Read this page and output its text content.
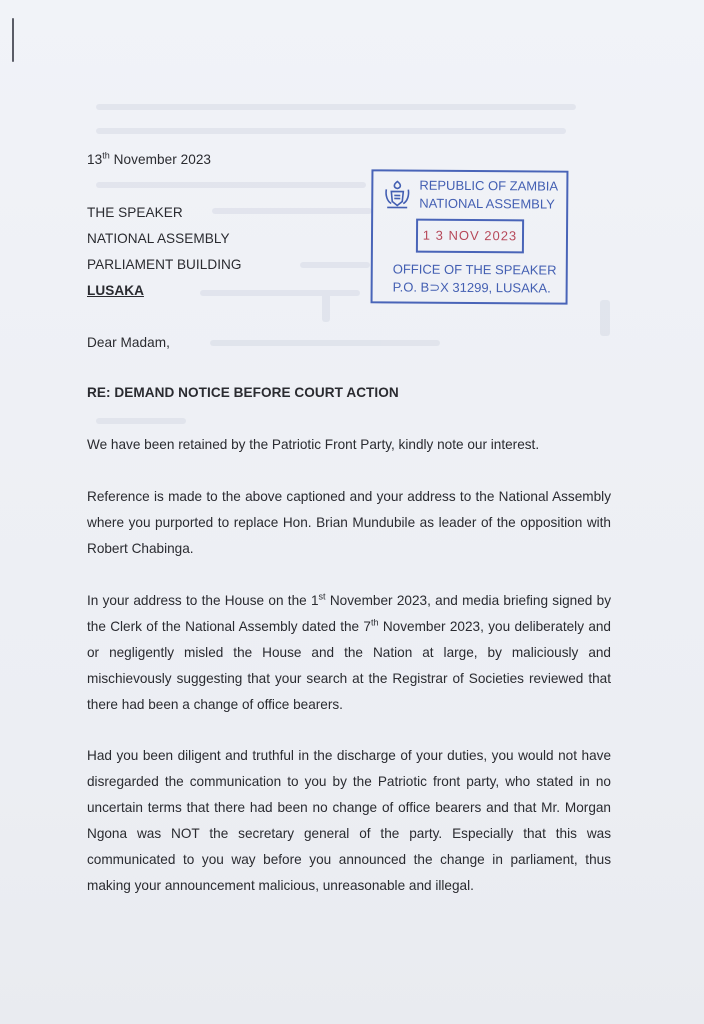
13th November 2023
THE SPEAKER
NATIONAL ASSEMBLY
PARLIAMENT BUILDING
LUSAKA
REPUBLIC OF ZAMBIA
NATIONAL ASSEMBLY
1 3 NOV 2023
OFFICE OF THE SPEAKER
P.O. B⊃X 31299, LUSAKA.
Dear Madam,
RE: DEMAND NOTICE BEFORE COURT ACTION
We have been retained by the Patriotic Front Party, kindly note our interest.
Reference is made to the above captioned and your address to the National Assembly where you purported to replace Hon. Brian Mundubile as leader of the opposition with Robert Chabinga.
In your address to the House on the 1st November 2023, and media briefing signed by the Clerk of the National Assembly dated the 7th November 2023, you deliberately and or negligently misled the House and the Nation at large, by maliciously and mischievously suggesting that your search at the Registrar of Societies reviewed that there had been a change of office bearers.
Had you been diligent and truthful in the discharge of your duties, you would not have disregarded the communication to you by the Patriotic front party, who stated in no uncertain terms that there had been no change of office bearers and that Mr. Morgan Ngona was NOT the secretary general of the party. Especially that this was communicated to you way before you announced the change in parliament, thus making your announcement malicious, unreasonable and illegal.
